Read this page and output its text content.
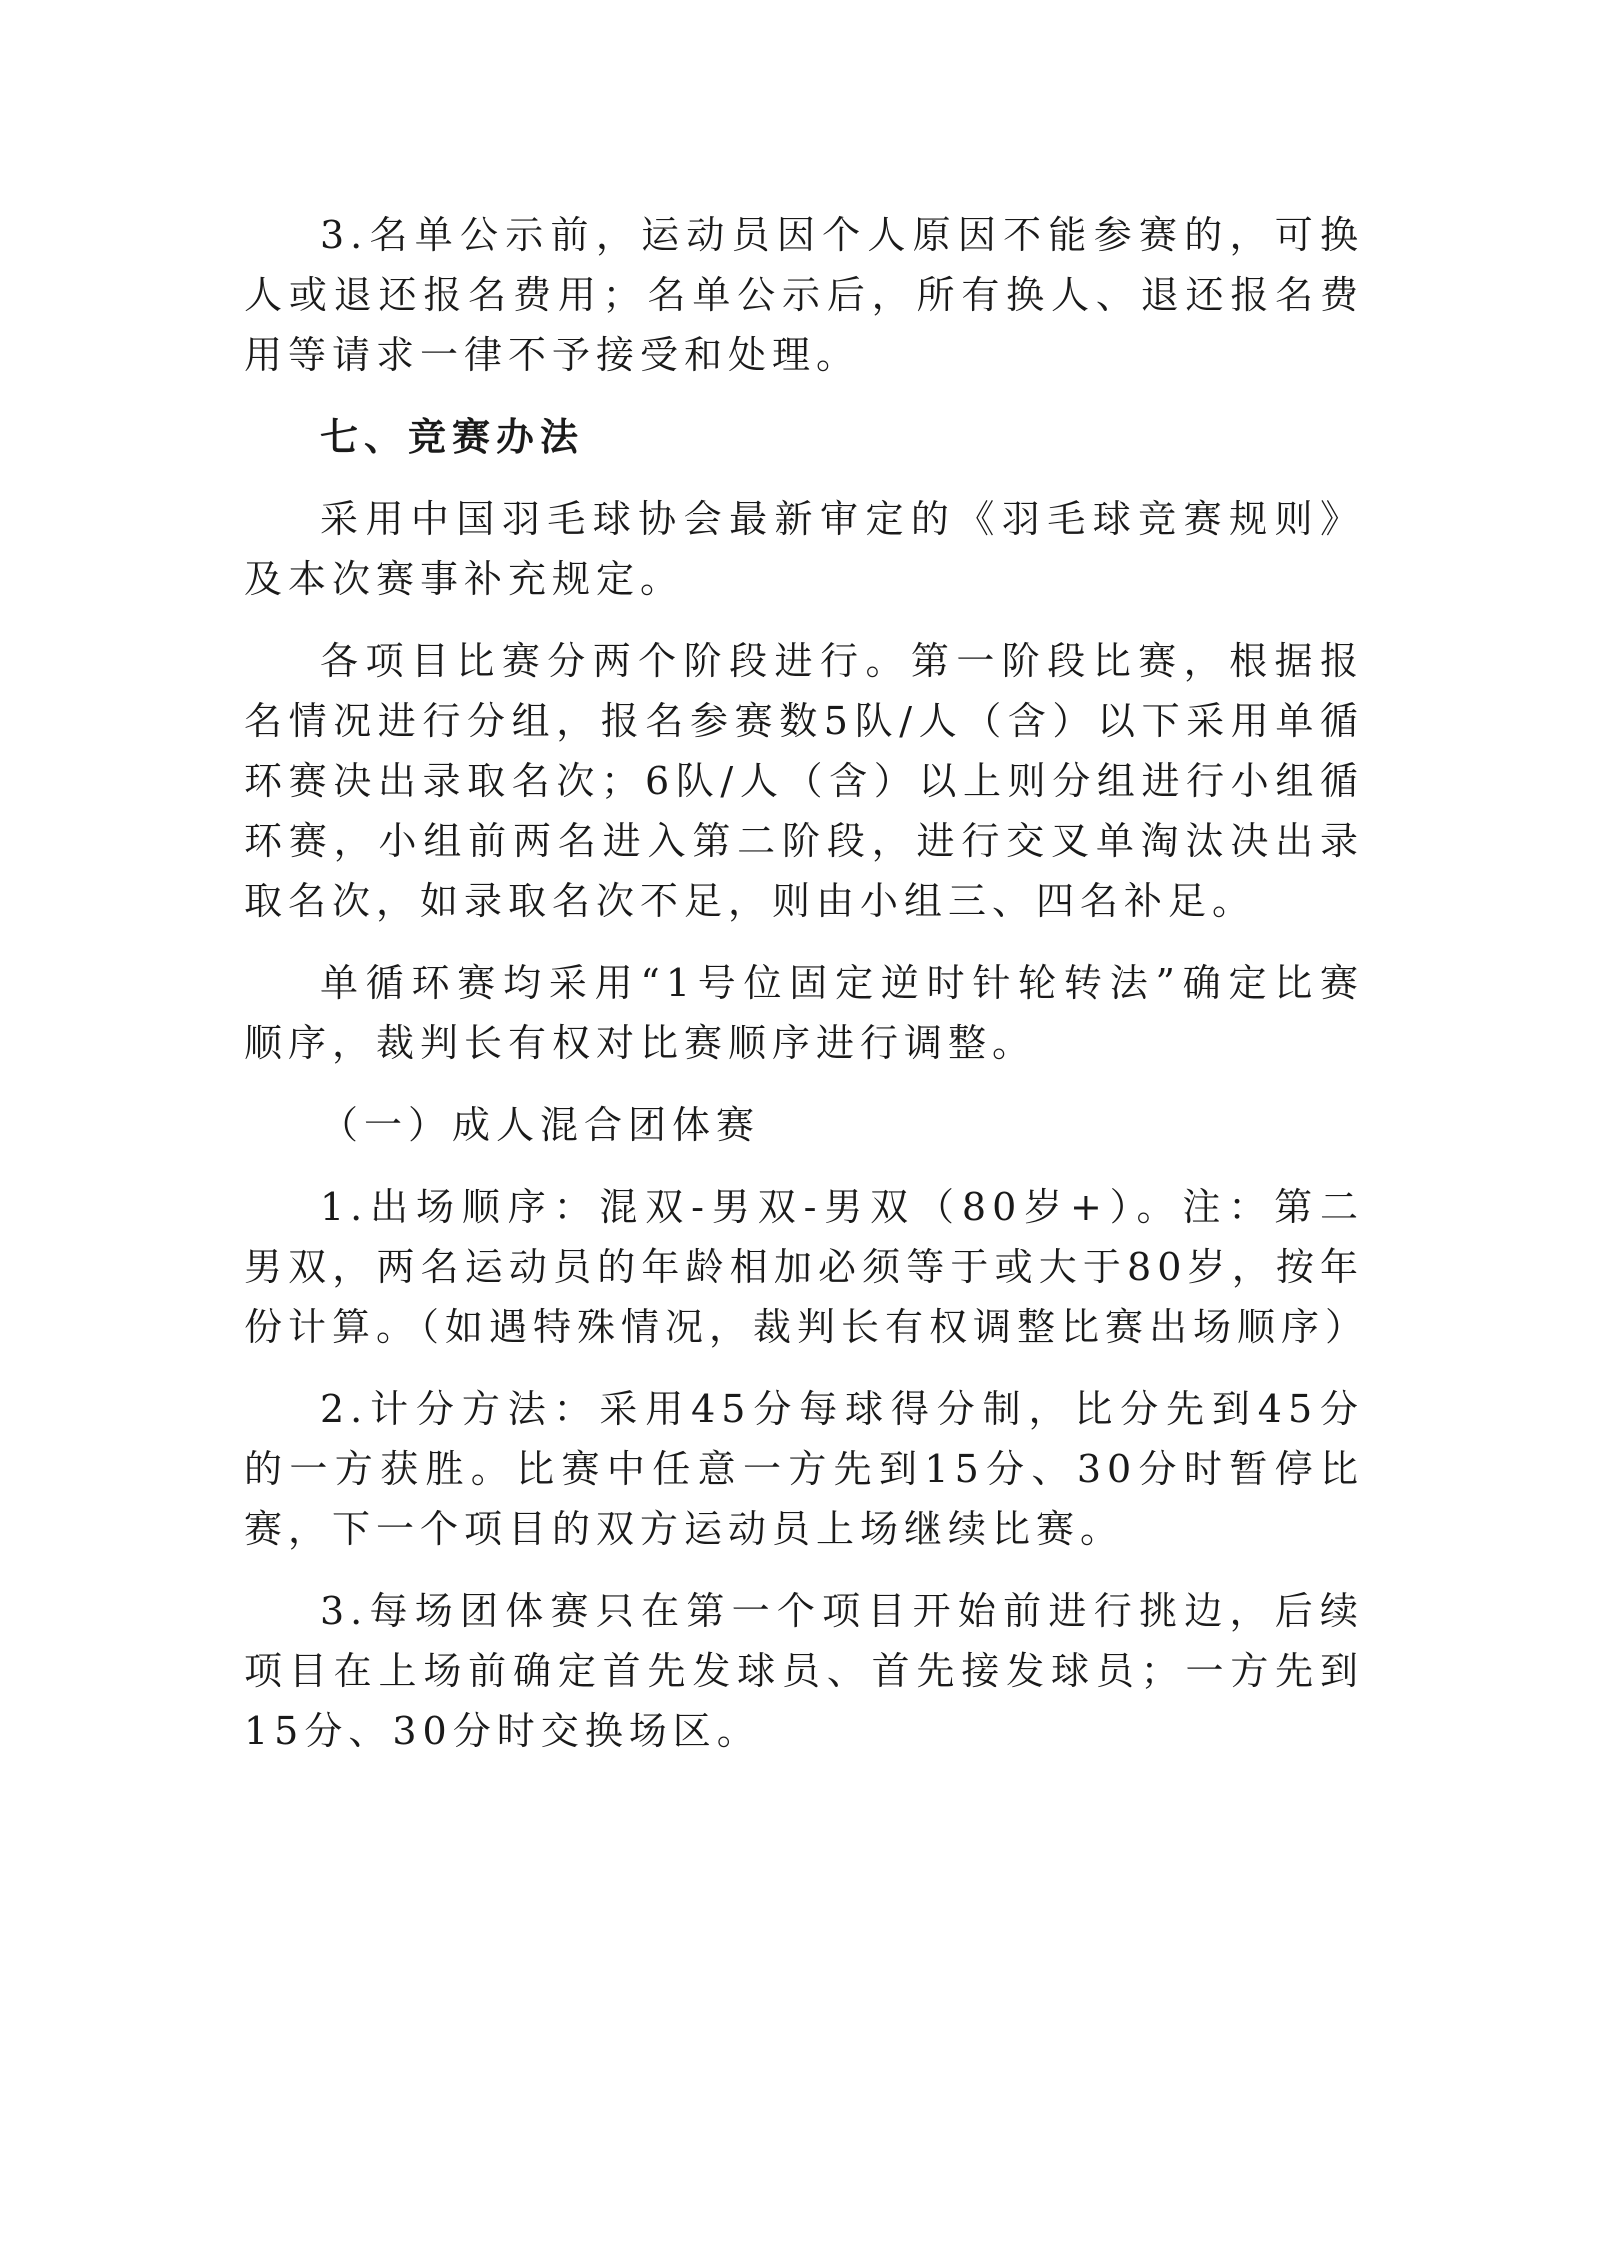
3.名单公示前，运动员因个人原因不能参赛的，可换人或退还报名费用；名单公示后，所有换人、退还报名费用等请求一律不予接受和处理。

七、竞赛办法

采用中国羽毛球协会最新审定的《羽毛球竞赛规则》及本次赛事补充规定。

各项目比赛分两个阶段进行。第一阶段比赛，根据报名情况进行分组，报名参赛数5队/人（含）以下采用单循环赛决出录取名次；6队/人（含）以上则分组进行小组循环赛，小组前两名进入第二阶段，进行交叉单淘汰决出录取名次，如录取名次不足，则由小组三、四名补足。

单循环赛均采用“1号位固定逆时针轮转法”确定比赛顺序，裁判长有权对比赛顺序进行调整。

（一）成人混合团体赛

1.出场顺序：混双-男双-男双（80岁+）。注：第二男双，两名运动员的年龄相加必须等于或大于80岁，按年份计算。（如遇特殊情况，裁判长有权调整比赛出场顺序）

2.计分方法：采用45分每球得分制，比分先到45分的一方获胜。比赛中任意一方先到15分、30分时暂停比赛，下一个项目的双方运动员上场继续比赛。

3.每场团体赛只在第一个项目开始前进行挑边，后续项目在上场前确定首先发球员、首先接发球员；一方先到15分、30分时交换场区。
